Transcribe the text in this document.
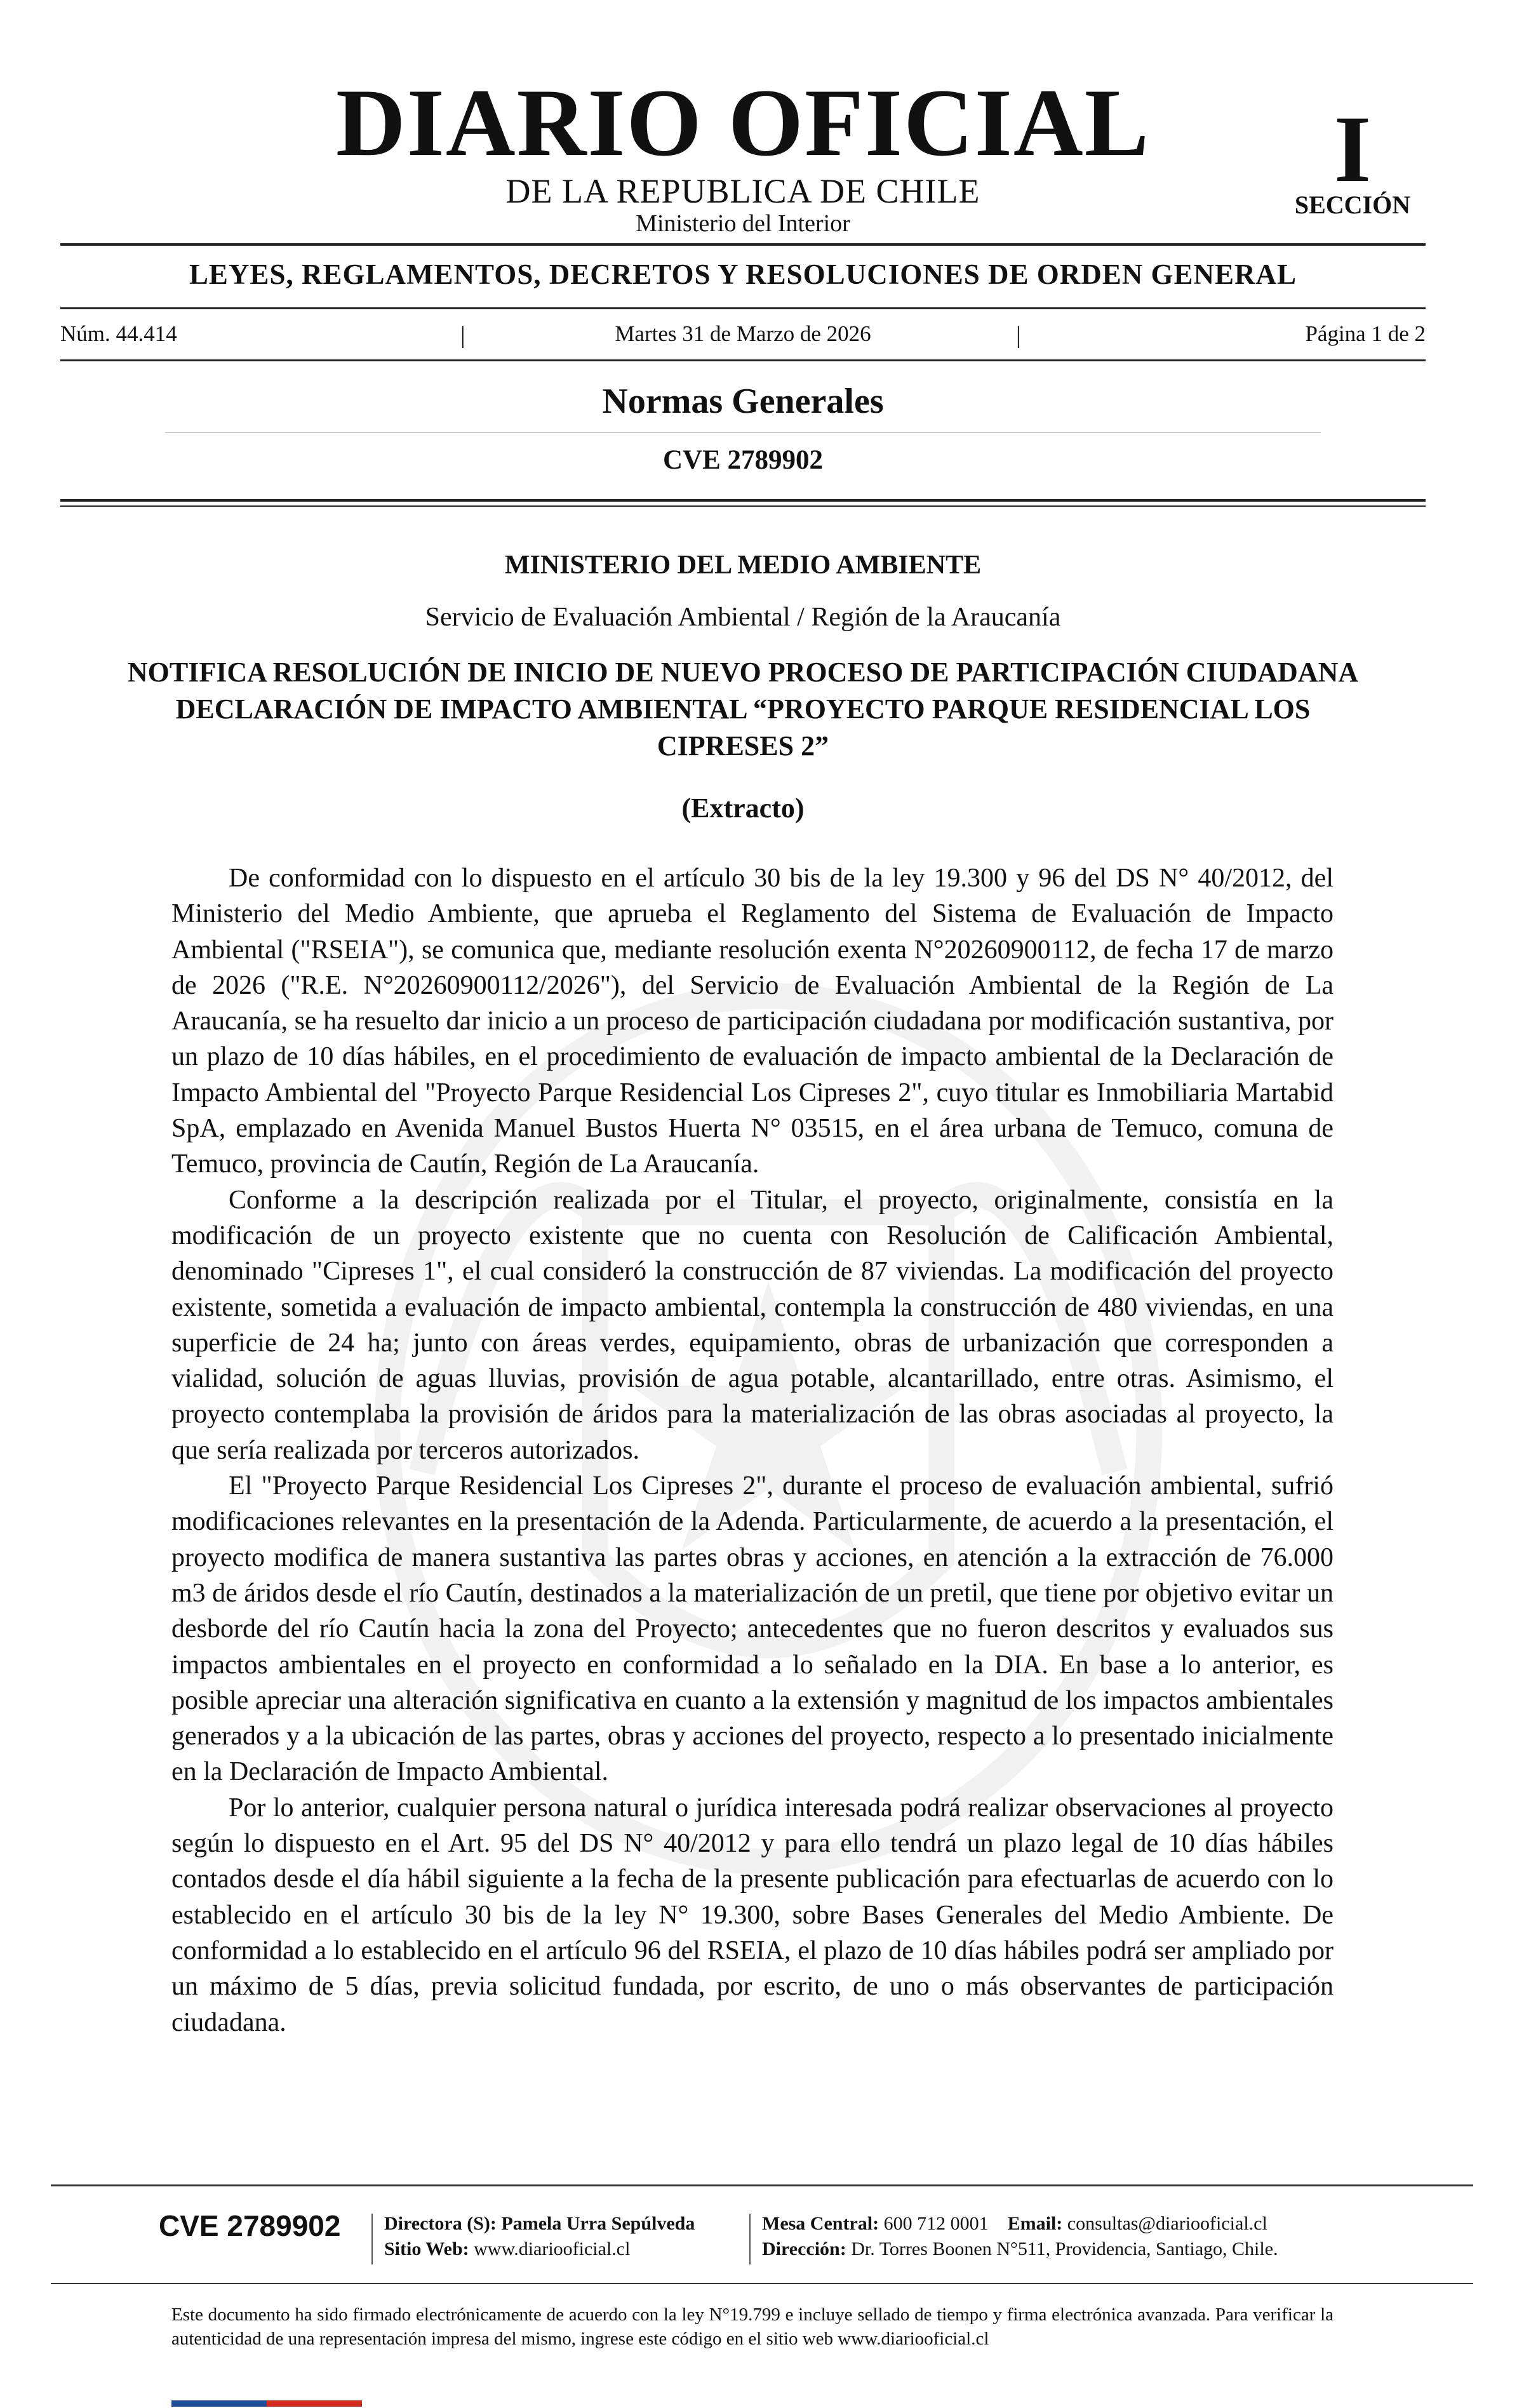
DIARIO OFICIAL
DE LA REPUBLICA DE CHILE
Ministerio del Interior
I
SECCIÓN
LEYES, REGLAMENTOS, DECRETOS Y RESOLUCIONES DE ORDEN GENERAL
Núm. 44.414	|	Martes 31 de Marzo de 2026	|	Página 1 de 2
Normas Generales
CVE 2789902
MINISTERIO DEL MEDIO AMBIENTE
Servicio de Evaluación Ambiental / Región de la Araucanía
NOTIFICA RESOLUCIÓN DE INICIO DE NUEVO PROCESO DE PARTICIPACIÓN CIUDADANA DECLARACIÓN DE IMPACTO AMBIENTAL “PROYECTO PARQUE RESIDENCIAL LOS CIPRESES 2”
(Extracto)

De conformidad con lo dispuesto en el artículo 30 bis de la ley 19.300 y 96 del DS N° 40/2012, del Ministerio del Medio Ambiente, que aprueba el Reglamento del Sistema de Evaluación de Impacto Ambiental ("RSEIA"), se comunica que, mediante resolución exenta N°20260900112, de fecha 17 de marzo de 2026 ("R.E. N°20260900112/2026"), del Servicio de Evaluación Ambiental de la Región de La Araucanía, se ha resuelto dar inicio a un proceso de participación ciudadana por modificación sustantiva, por un plazo de 10 días hábiles, en el procedimiento de evaluación de impacto ambiental de la Declaración de Impacto Ambiental del "Proyecto Parque Residencial Los Cipreses 2", cuyo titular es Inmobiliaria Martabid SpA, emplazado en Avenida Manuel Bustos Huerta N° 03515, en el área urbana de Temuco, comuna de Temuco, provincia de Cautín, Región de La Araucanía.

Conforme a la descripción realizada por el Titular, el proyecto, originalmente, consistía en la modificación de un proyecto existente que no cuenta con Resolución de Calificación Ambiental, denominado "Cipreses 1", el cual consideró la construcción de 87 viviendas. La modificación del proyecto existente, sometida a evaluación de impacto ambiental, contempla la construcción de 480 viviendas, en una superficie de 24 ha; junto con áreas verdes, equipamiento, obras de urbanización que corresponden a vialidad, solución de aguas lluvias, provisión de agua potable, alcantarillado, entre otras. Asimismo, el proyecto contemplaba la provisión de áridos para la materialización de las obras asociadas al proyecto, la que sería realizada por terceros autorizados.

El "Proyecto Parque Residencial Los Cipreses 2", durante el proceso de evaluación ambiental, sufrió modificaciones relevantes en la presentación de la Adenda. Particularmente, de acuerdo a la presentación, el proyecto modifica de manera sustantiva las partes obras y acciones, en atención a la extracción de 76.000 m3 de áridos desde el río Cautín, destinados a la materialización de un pretil, que tiene por objetivo evitar un desborde del río Cautín hacia la zona del Proyecto; antecedentes que no fueron descritos y evaluados sus impactos ambientales en el proyecto en conformidad a lo señalado en la DIA. En base a lo anterior, es posible apreciar una alteración significativa en cuanto a la extensión y magnitud de los impactos ambientales generados y a la ubicación de las partes, obras y acciones del proyecto, respecto a lo presentado inicialmente en la Declaración de Impacto Ambiental.

Por lo anterior, cualquier persona natural o jurídica interesada podrá realizar observaciones al proyecto según lo dispuesto en el Art. 95 del DS N° 40/2012 y para ello tendrá un plazo legal de 10 días hábiles contados desde el día hábil siguiente a la fecha de la presente publicación para efectuarlas de acuerdo con lo establecido en el artículo 30 bis de la ley N° 19.300, sobre Bases Generales del Medio Ambiente. De conformidad a lo establecido en el artículo 96 del RSEIA, el plazo de 10 días hábiles podrá ser ampliado por un máximo de 5 días, previa solicitud fundada, por escrito, de uno o más observantes de participación ciudadana.

CVE 2789902 Directora (S): Pamela Urra Sepúlveda
Sitio Web: www.diariooficial.cl
Mesa Central: 600 712 0001 Email: consultas@diariooficial.cl
Dirección: Dr. Torres Boonen N°511, Providencia, Santiago, Chile.
Este documento ha sido firmado electrónicamente de acuerdo con la ley N°19.799 e incluye sellado de tiempo y firma electrónica avanzada. Para verificar la autenticidad de una representación impresa del mismo, ingrese este código en el sitio web www.diariooficial.cl
